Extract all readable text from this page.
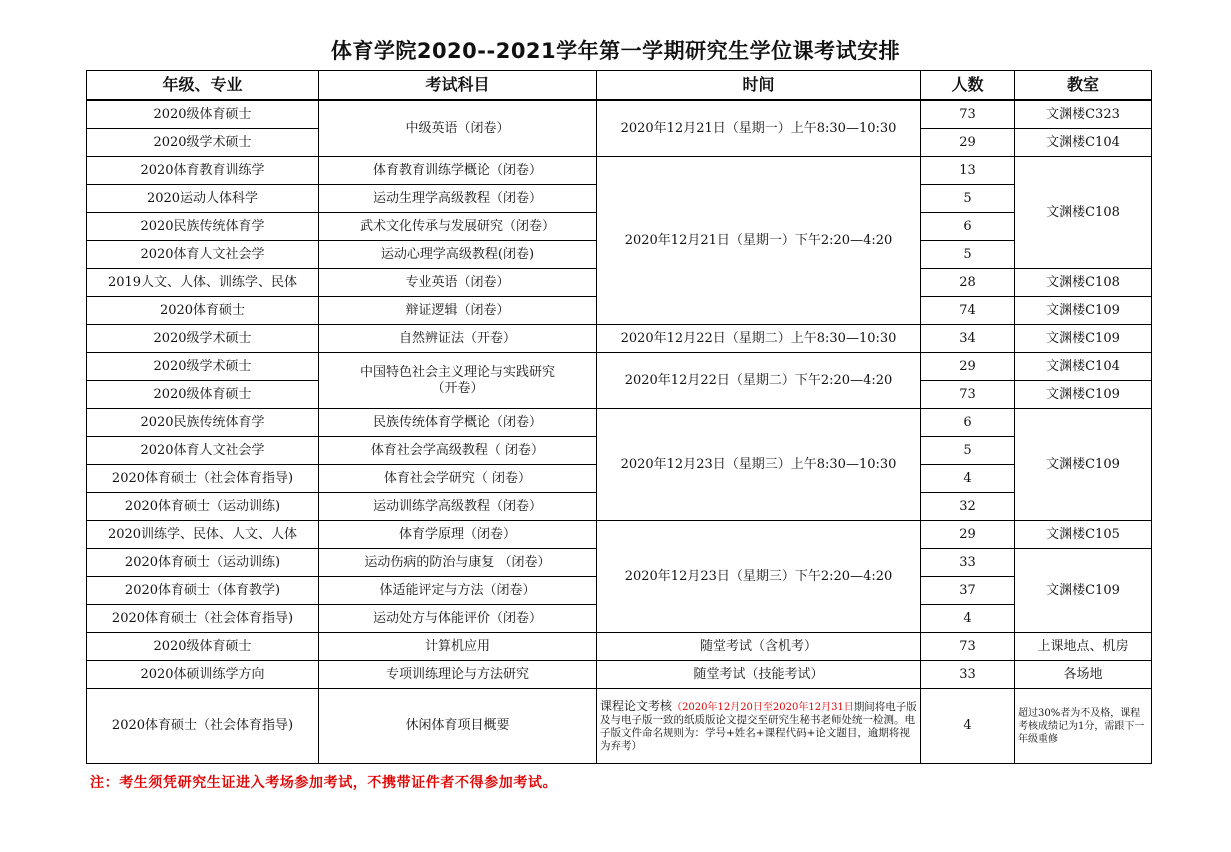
体育学院2020--2021学年第一学期研究生学位课考试安排
年级、专业	考试科目	时间	人数	教室
2020级体育硕士	中级英语（闭卷）	2020年12月21日（星期一）上午8:30—10:30	73	文渊楼C323
2020级学术硕士			29	文渊楼C104
2020体育教育训练学	体育教育训练学概论（闭卷）	2020年12月21日（星期一）下午2:20—4:20	13	文渊楼C108
2020运动人体科学	运动生理学高级教程（闭卷）		5	
2020民族传统体育学	武术文化传承与发展研究（闭卷）		6	
2020体育人文社会学	运动心理学高级教程(闭卷)		5	
2019人文、人体、训练学、民体	专业英语（闭卷）		28	文渊楼C108
2020体育硕士	辩证逻辑（闭卷）		74	文渊楼C109
2020级学术硕士	自然辨证法（开卷）	2020年12月22日（星期二）上午8:30—10:30	34	文渊楼C109
2020级学术硕士	中国特色社会主义理论与实践研究（开卷）	2020年12月22日（星期二）下午2:20—4:20	29	文渊楼C104
2020级体育硕士			73	文渊楼C109
2020民族传统体育学	民族传统体育学概论（闭卷）	2020年12月23日（星期三）上午8:30—10:30	6	文渊楼C109
2020体育人文社会学	体育社会学高级教程（ 闭卷）		5	
2020体育硕士（社会体育指导)	体育社会学研究（ 闭卷）		4	
2020体育硕士（运动训练)	运动训练学高级教程（闭卷）		32	
2020训练学、民体、人文、人体	体育学原理（闭卷）	2020年12月23日（星期三）下午2:20—4:20	29	文渊楼C105
2020体育硕士（运动训练)	运动伤病的防治与康复 （闭卷）		33	文渊楼C109
2020体育硕士（体育教学)	体适能评定与方法（闭卷）		37	
2020体育硕士（社会体育指导)	运动处方与体能评价（闭卷）		4	
2020级体育硕士	计算机应用	随堂考试（含机考）	73	上课地点、机房
2020体硕训练学方向	专项训练理论与方法研究	随堂考试（技能考试）	33	各场地
2020体育硕士（社会体育指导)	休闲体育项目概要	课程论文考核（2020年12月20日至2020年12月31日期间将电子版及与电子版一致的纸质版论文提交至研究生秘书老师处统一检测。电子版文件命名规则为：学号+姓名+课程代码+论文题目，逾期将视为弃考）	4	超过30%者为不及格，课程考核成绩记为1分，需跟下一年级重修
注：考生须凭研究生证进入考场参加考试，不携带证件者不得参加考试。
